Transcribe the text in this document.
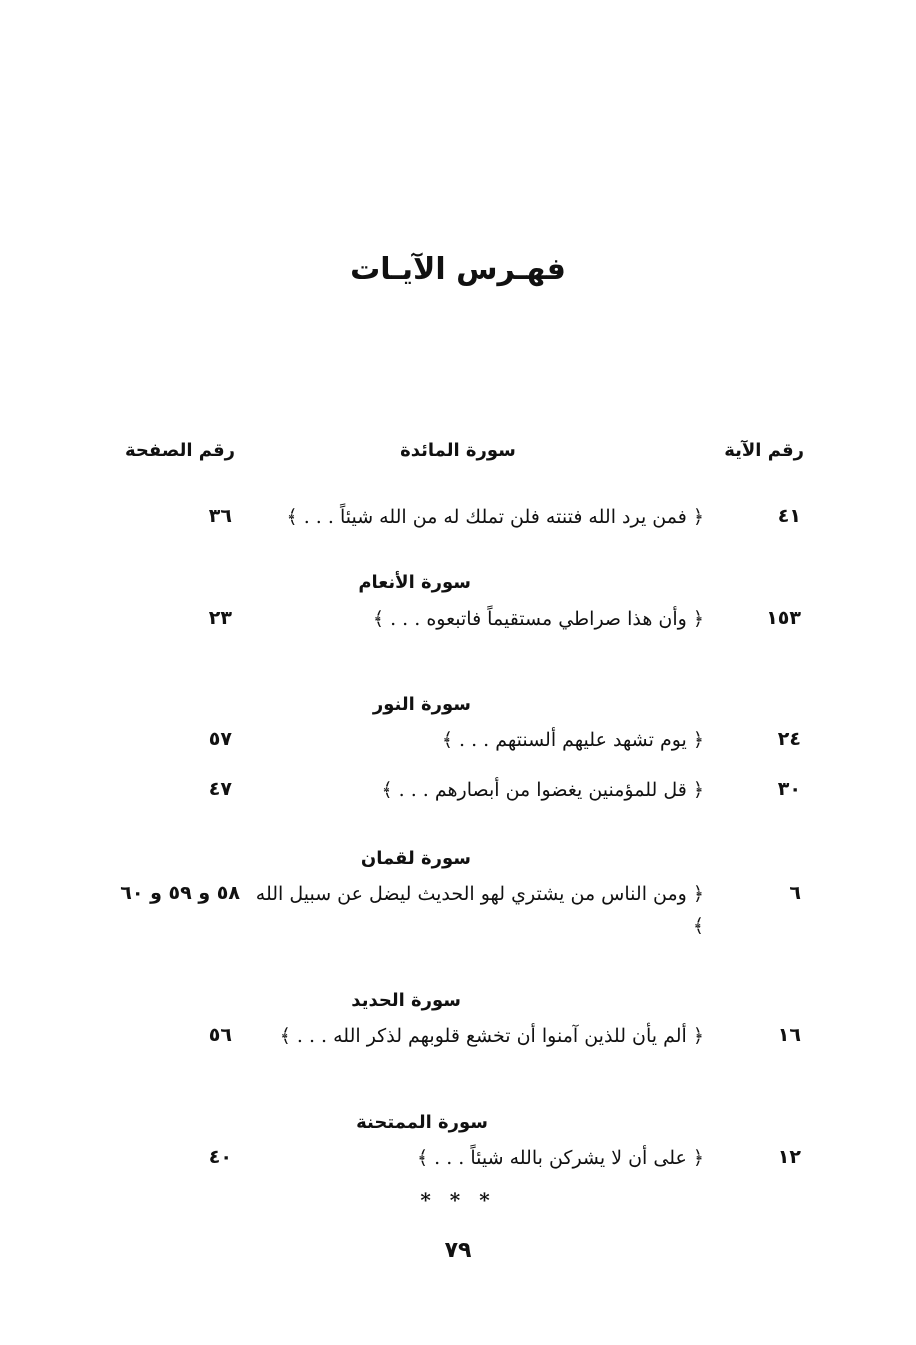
فهـرس الآيـات
رقم الآية
سورة المائدة
رقم الصفحة
٤١
﴿ فمن يرد الله فتنته فلن تملك له من الله شيئاً . . . ﴾
٣٦
سورة الأنعام
١٥٣
﴿ وأن هذا صراطي مستقيماً فاتبعوه . . . ﴾
٢٣
سورة النور
٢٤
﴿ يوم تشهد عليهم ألسنتهم . . . ﴾
٥٧
٣٠
﴿ قل للمؤمنين يغضوا من أبصارهم . . . ﴾
٤٧
سورة لقمان
٦
﴿ ومن الناس من يشتري لهو الحديث ليضل عن سبيل الله ﴾
٥٨ و ٥٩ و ٦٠
سورة الحديد
١٦
﴿ ألم يأن للذين آمنوا أن تخشع قلوبهم لذكر الله . . . ﴾
٥٦
سورة الممتحنة
١٢
﴿ على أن لا يشركن بالله شيئاً . . . ﴾
٤٠
* * *
٧٩
